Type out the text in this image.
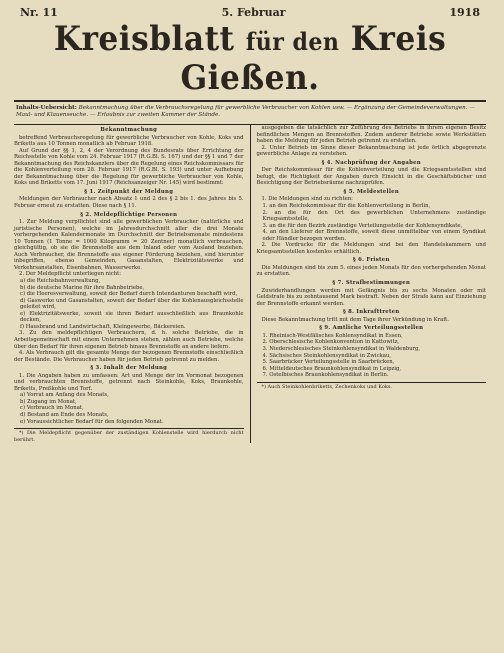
Nr. 11	5. Februar	1918
Kreisblatt für den Kreis Gießen.
Inhalts-Uebersicht: Bekanntmachung über die Verbrauchsregelung für gewerbliche Verbraucher von Kohlen usw. — Ergänzung der Gemeindeverwaltungen. — Maul- und Klauenseuche. — Erlaubnis zur zweiten Kammer der Stände.

Bekanntmachung

betreffend Verbrauchsregelung für gewerbliche Verbraucher von Kohle, Koks und Briketts aus 10 Tonnen monatlich ab Februar 1918.

Auf Grund der §§ 1, 2, 4 der Verordnung des Bundesrats über Errichtung der Reichsstelle von Kohle vom 24. Februar 1917 (R.G.Bl. S. 167) und der §§ 1 und 7 der Bekanntmachung des Reichskanzlers über die Regelung eines Reichskommissars für die Kohlenverteilung vom 28. Februar 1917 (R.G.Bl. S. 193) und unter Aufhebung der Bekanntmachung über die Regelung für gewerbliche Verbraucher von Kohle, Koks und Briketts vom 17. Juni 1917 (Reichsanzeiger Nr. 145) wird bestimmt:

§ 1. Zeitpunkt der Meldung

Meldungen der Verbraucher nach Absatz 1 und 2 des § 2 bis 1. des Jahres bis 5. Februar erneut zu erstatten. Diese nach § 11.

§ 2. Meldepflichtige Personen

1. Zur Meldung verpflichtet sind alle gewerblichen Verbraucher (natürliche und juristische Personen), welche im Jahresdurchschnitt aller die drei Monate vorhergehenden Kalendermonate im Durchschnitt der Betriebsmonate mindestens 10 Tonnen (1 Tonne = 1000 Kilogramm = 20 Zentner) monatlich verbrauchen, gleichgültig, ob sie die Brennstoffe aus dem Inland oder vom Ausland beziehen. Auch Verbraucher, die Brennstoffe aus eigener Förderung beziehen, sind hierunter inbegriffen, ebenso Gemeinden, Gasanstalten, Elektrizitätswerke und Verkehrsanstalten, Eisenbahnen, Wasserwerke.

2. Der Meldepflicht unterliegen nicht:

a) die Reichsbahnverwaltung,

b) die deutsche Marine für ihre Bahnbetriebe,

c) die Heeresverwaltung, soweit der Bedarf durch Intendanturen beschafft wird,

d) Gaswerke und Gasanstalten, soweit der Bedarf über die Kohlenausgleichsstelle geleitet wird,

e) Elektrizitätswerke, soweit sie ihren Bedarf ausschließlich aus Braunkohle decken,

f) Hausbrand und Landwirtschaft, Kleingewerbe, Bäckereien.

3. Zu den meldepflichtigen Verbrauchern, d. h. solche Betriebe, die in Arbeitsgemeinschaft mit einem Unternehmen stehen, zählen auch Betriebe, welche über den Bedarf für ihren eigenen Betrieb hinaus Brennstoffe an andere liefern.

4. Als Verbrauch gilt die gesamte Menge der bezogenen Brennstoffe einschließlich der Bestände. Die Verbraucher haben für jeden Betrieb getrennt zu melden.

§ 3. Inhalt der Meldung

1. Die Angaben haben zu umfassen: Art und Menge der im Vormonat bezogenen und verbrauchten Brennstoffe, getrennt nach Steinkohle, Koks, Braunkohle, Briketts, Preßkohle und Torf.

a) Vorrat am Anfang des Monats,

b) Zugang im Monat,

c) Verbrauch im Monat,

d) Bestand am Ende des Monats,

e) Voraussichtlicher Bedarf für den folgenden Monat.

*) Die Meldepflicht gegenüber der zuständigen Kohlenstelle wird hierdurch nicht berührt.

ausgegeben die tatsächlich zur Zuführung des Betriebs in ihrem eigenen Besitz befindlichen Mengen an Brennstoffen. Zudem anderer Betriebe sowie Werkstätten haben die Meldung für jeden Betrieb getrennt zu erstatten.

2. Unter Betrieb im Sinne dieser Bekanntmachung ist jede örtlich abgegrenzte gewerbliche Anlage zu verstehen.

§ 4. Nachprüfung der Angaben

Der Reichskommissar für die Kohlenverteilung und die Kriegsamtsstellen sind befugt, die Richtigkeit der Angaben durch Einsicht in die Geschäftsbücher und Besichtigung der Betriebsräume nachzuprüfen.

§ 5. Meldestellen

1. Die Meldungen sind zu richten:

1. an den Reichskommissar für die Kohlenverteilung in Berlin,

2. an die für den Ort des gewerblichen Unternehmens zuständige Kriegsamtsstelle,

3. an die für den Bezirk zuständige Verteilungsstelle der Kohlensyndikate,

4. an den Lieferer der Brennstoffe, soweit diese unmittelbar von einem Syndikat oder Händler bezogen werden.

2. Die Vordrucke für die Meldungen sind bei den Handelskammern und Kriegsamtsstellen kostenlos erhältlich.

§ 6. Fristen

Die Meldungen sind bis zum 5. eines jeden Monats für den vorhergehenden Monat zu erstatten.

§ 7. Strafbestimmungen

Zuwiderhandlungen werden mit Gefängnis bis zu sechs Monaten oder mit Geldstrafe bis zu zehntausend Mark bestraft. Neben der Strafe kann auf Einziehung der Brennstoffe erkannt werden.

§ 8. Inkrafttreten

Diese Bekanntmachung tritt mit dem Tage ihrer Verkündung in Kraft.

§ 9. Amtliche Verteilungsstellen

1. Rheinisch-Westfälisches Kohlensyndikat in Essen,

2. Oberschlesische Kohlenkonvention in Kattowitz,

3. Niederschlesisches Steinkohlensyndikat in Waldenburg,

4. Sächsisches Steinkohlensyndikat in Zwickau,

5. Saarbrücker Verteilungsstelle in Saarbrücken,

6. Mitteldeutsches Braunkohlensyndikat in Leipzig,

7. Ostelbisches Braunkohlensyndikat in Berlin.

*) Auch Steinkohlenbriketts, Zechenkoks und Koks.
